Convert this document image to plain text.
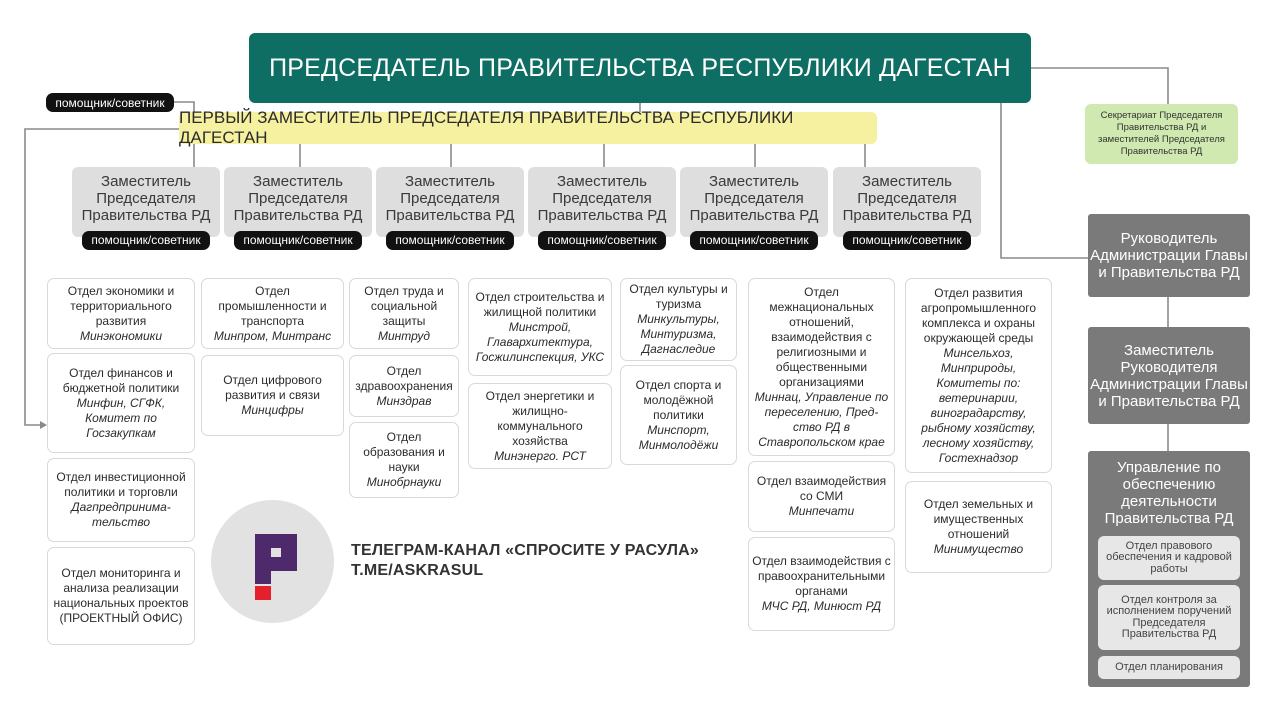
ПРЕДСЕДАТЕЛЬ ПРАВИТЕЛЬСТВА РЕСПУБЛИКИ ДАГЕСТАН
помощник/советник
ПЕРВЫЙ ЗАМЕСТИТЕЛЬ ПРЕДСЕДАТЕЛЯ ПРАВИТЕЛЬСТВА РЕСПУБЛИКИ ДАГЕСТАН
Заместитель Председателя Правительства РД
помощник/советник
Заместитель Председателя Правительства РД
помощник/советник
Заместитель Председателя Правительства РД
помощник/советник
Заместитель Председателя Правительства РД
помощник/советник
Заместитель Председателя Правительства РД
помощник/советник
Заместитель Председателя Правительства РД
помощник/советник
Отдел экономики и территориального развития
Минэкономики
Отдел финансов и бюджетной политики
Минфин, СГФК, Комитет по Госзакупкам
Отдел инвестиционной политики и торговли
Дагпредпринима-тельство
Отдел мониторинга и анализа реализации национальных проектов (ПРОЕКТНЫЙ ОФИС)
Отдел промышленности и транспорта
Минпром, Минтранс
Отдел цифрового развития и связи
Минцифры
Отдел труда и социальной защиты
Минтруд
Отдел здравоохранения
Минздрав
Отдел образования и науки
Минобрнауки
Отдел строительства и жилищной политики
Минстрой, Главархитектура, Госжилинспекция, УКС
Отдел энергетики и жилищно-коммунального хозяйства
Минэнерго. РСТ
Отдел культуры и туризма
Минкультуры, Минтуризма, Дагнаследие
Отдел спорта и молодёжной политики
Минспорт, Минмолодёжи
Отдел межнациональных отношений, взаимодействия с религиозными и общественными организациями
Миннац, Управление по переселению, Пред-ство РД в Ставропольском крае
Отдел взаимодействия со СМИ
Минпечати
Отдел взаимодействия с правоохранительными органами
МЧС РД, Минюст РД
Отдел развития агропромышленного комплекса и охраны окружающей среды
Минсельхоз, Минприроды, Комитеты по: ветеринарии, виноградарству, рыбному хозяйству, лесному хозяйству, Гостехнадзор
Отдел земельных и имущественных отношений
Минимущество
Секретариат Председателя Правительства РД и заместителей Председателя Правительства РД
Руководитель Администрации Главы и Правительства РД
Заместитель Руководителя Администрации Главы и Правительства РД
Управление по обеспечению деятельности Правительства РД
Отдел правового обеспечения и кадровой работы
Отдел контроля за исполнением поручений Председателя Правительства РД
Отдел планирования
ТЕЛЕГРАМ-КАНАЛ «СПРОСИТЕ У РАСУЛА»
T.ME/ASKRASUL
